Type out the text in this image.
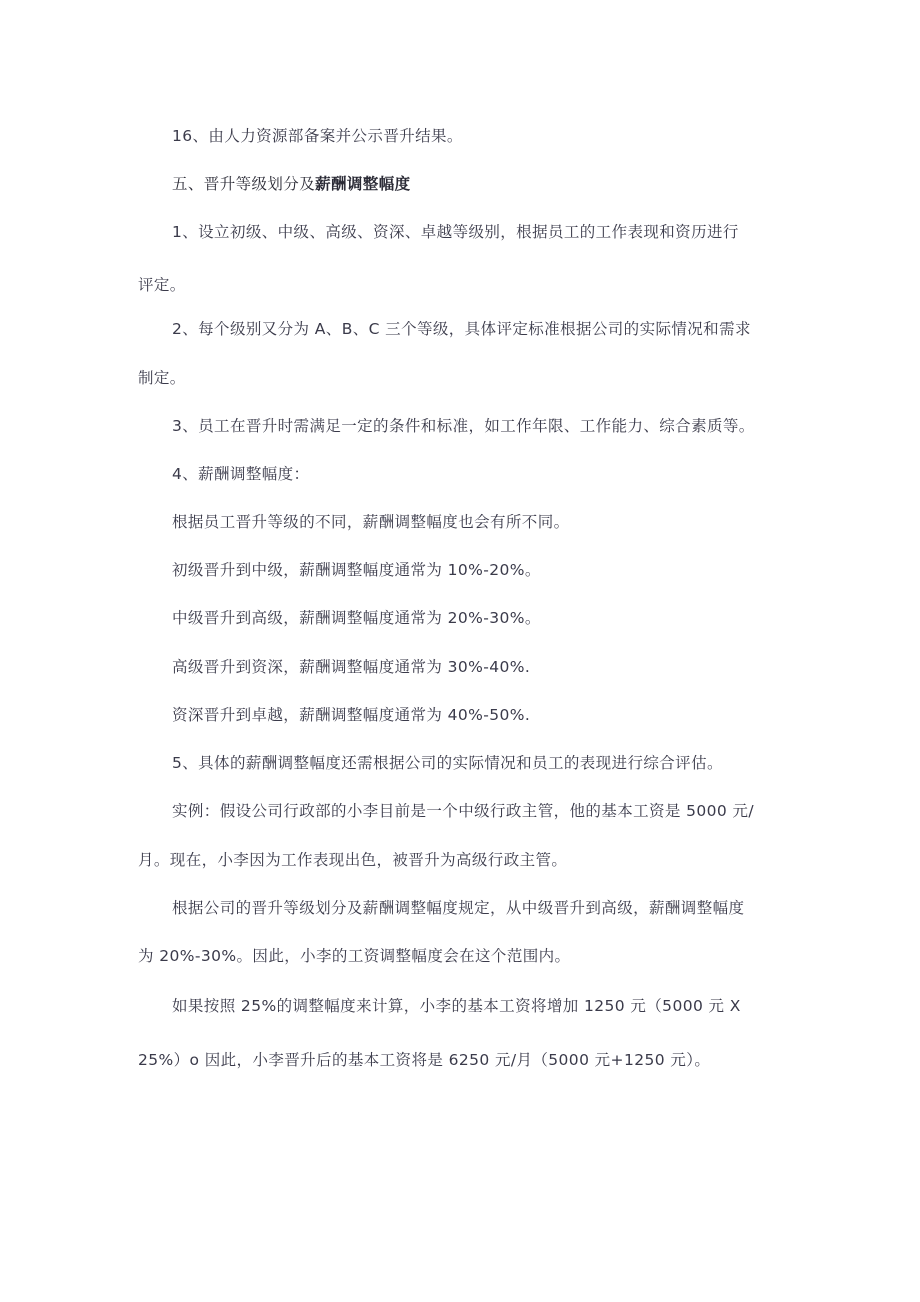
16、由人力资源部备案并公示晋升结果。
五、晋升等级划分及薪酬调整幅度
1、设立初级、中级、高级、资深、卓越等级别，根据员工的工作表现和资历进行
评定。
2、每个级别又分为 A、B、C 三个等级，具体评定标准根据公司的实际情况和需求
制定。
3、员工在晋升时需满足一定的条件和标准，如工作年限、工作能力、综合素质等。
4、薪酬调整幅度：
根据员工晋升等级的不同，薪酬调整幅度也会有所不同。
初级晋升到中级，薪酬调整幅度通常为 10%-20%。
中级晋升到高级，薪酬调整幅度通常为 20%-30%。
高级晋升到资深，薪酬调整幅度通常为 30%-40%.
资深晋升到卓越，薪酬调整幅度通常为 40%-50%.
5、具体的薪酬调整幅度还需根据公司的实际情况和员工的表现进行综合评估。
实例：假设公司行政部的小李目前是一个中级行政主管，他的基本工资是 5000 元/
月。现在，小李因为工作表现出色，被晋升为高级行政主管。
根据公司的晋升等级划分及薪酬调整幅度规定，从中级晋升到高级，薪酬调整幅度
为 20%-30%。因此，小李的工资调整幅度会在这个范围内。
如果按照 25%的调整幅度来计算，小李的基本工资将增加 1250 元（5000 元 X
25%）o 因此，小李晋升后的基本工资将是 6250 元/月（5000 元+1250 元）。
